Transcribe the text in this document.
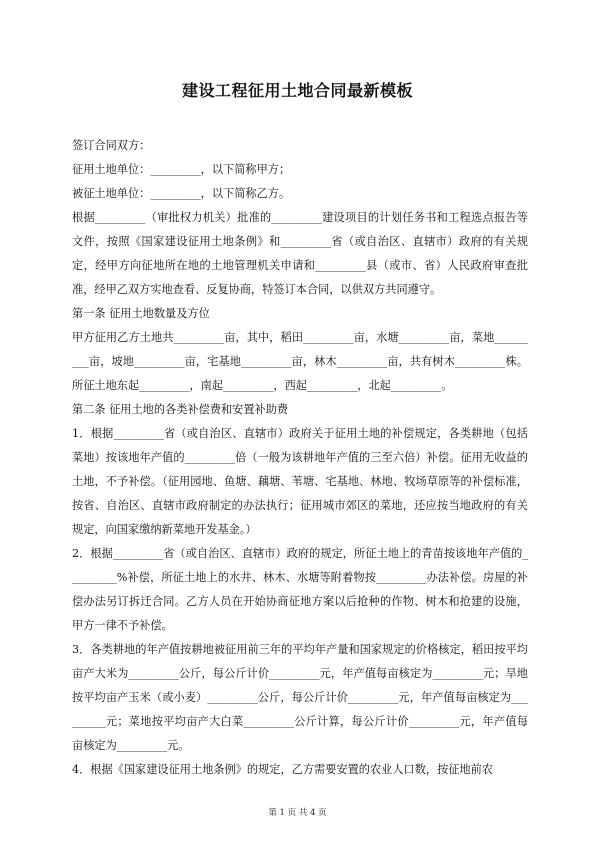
建设工程征用土地合同最新模板

签订合同双方：

征用土地单位：_________，以下简称甲方；

被征土地单位：_________，以下简称乙方。

根据_________（审批权力机关）批准的_________建设项目的计划任务书和工程选点报告等文件，按照《国家建设征用土地条例》和_________省（或自治区、直辖市）政府的有关规定，经甲方向征地所在地的土地管理机关申请和_________县（或市、省）人民政府审查批准，经甲乙双方实地查看、反复协商，特签订本合同，以供双方共同遵守。

第一条 征用土地数量及方位

甲方征用乙方土地共_________亩，其中，稻田_________亩，水塘_________亩，菜地_________亩，坡地_________亩，宅基地_________亩，林木_________亩，共有树木_________株。所征土地东起_________，南起_________，西起_________，北起_________。

第二条 征用土地的各类补偿费和安置补助费

1．根据_________省（或自治区、直辖市）政府关于征用土地的补偿规定，各类耕地（包括菜地）按该地年产值的_________倍（一般为该耕地年产值的三至六倍）补偿。征用无收益的土地，不予补偿。（征用园地、鱼塘、藕塘、苇塘、宅基地、林地、牧场草原等的补偿标准，按省、自治区、直辖市政府制定的办法执行；征用城市郊区的菜地，还应按当地政府的有关规定，向国家缴纳新菜地开发基金。）

2．根据_________省（或自治区、直辖市）政府的规定，所征土地上的青苗按该地年产值的_________%补偿，所征土地上的水井、林木、水塘等附着物按_________办法补偿。房屋的补偿办法另订拆迁合同。乙方人员在开始协商征地方案以后抢种的作物、树木和抢建的设施，甲方一律不予补偿。

3．各类耕地的年产值按耕地被征用前三年的平均年产量和国家规定的价格核定，稻田按平均亩产大米为_________公斤，每公斤计价_________元，年产值每亩核定为_________元；旱地按平均亩产玉米（或小麦）_________公斤，每公斤计价_________元，年产值每亩核定为_________元；菜地按平均亩产大白菜_________公斤计算，每公斤计价_________元，年产值每亩核定为_________元。

4．根据《国家建设征用土地条例》的规定，乙方需要安置的农业人口数，按征地前农

第 1 页 共 4 页
